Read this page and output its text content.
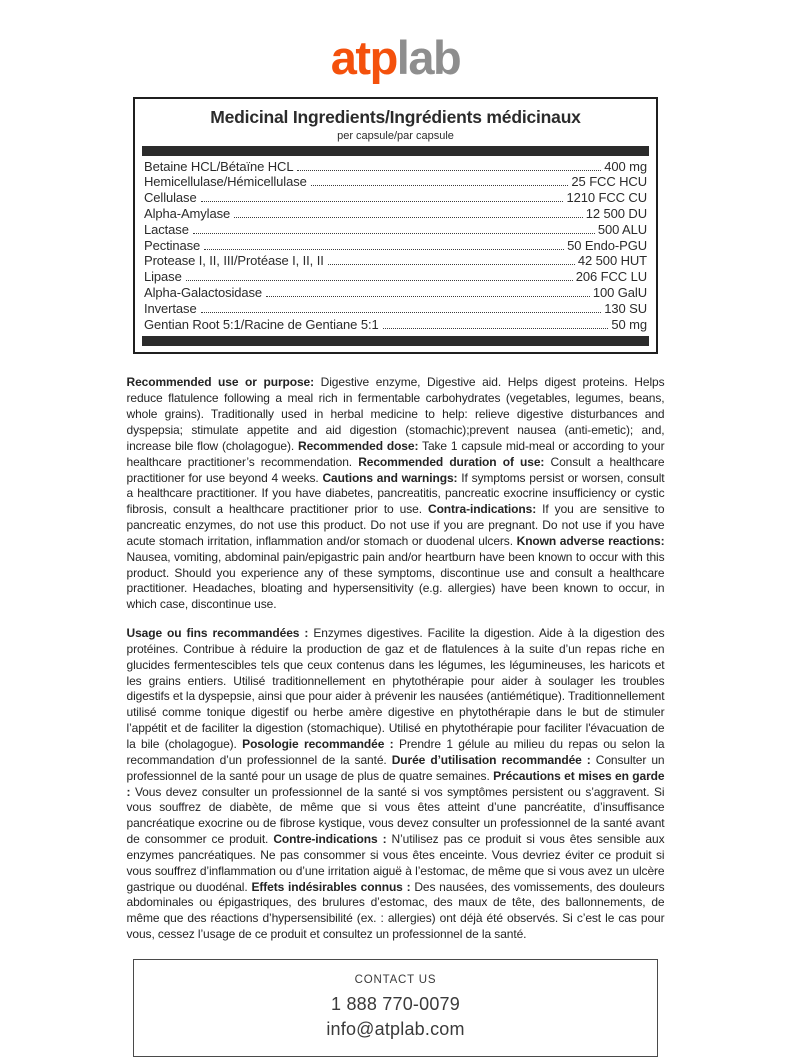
atplab
Medicinal Ingredients/Ingrédients médicinaux
per capsule/par capsule
Betaine HCL/Bétaïne HCL	400 mg
Hemicellulase/Hémicellulase	25 FCC HCU
Cellulase	1210 FCC CU
Alpha-Amylase	12 500 DU
Lactase	500 ALU
Pectinase	50 Endo-PGU
Protease I, II, III/Protéase I, II, II	42 500 HUT
Lipase	206 FCC LU
Alpha-Galactosidase	100 GalU
Invertase	130 SU
Gentian Root 5:1/Racine de Gentiane 5:1	50 mg
Recommended use or purpose: Digestive enzyme, Digestive aid. Helps digest proteins. Helps reduce flatulence following a meal rich in fermentable carbohydrates (vegetables, legumes, beans, whole grains). Traditionally used in herbal medicine to help: relieve digestive disturbances and dyspepsia; stimulate appetite and aid digestion (stomachic);prevent nausea (anti-emetic); and, increase bile flow (cholagogue). Recommended dose: Take 1 capsule mid-meal or according to your healthcare practitioner’s recommendation. Recommended duration of use: Consult a healthcare practitioner for use beyond 4 weeks. Cautions and warnings: If symptoms persist or worsen, consult a healthcare practitioner. If you have diabetes, pancreatitis, pancreatic exocrine insufficiency or cystic fibrosis, consult a healthcare practitioner prior to use. Contra-indications: If you are sensitive to pancreatic enzymes, do not use this product. Do not use if you are pregnant. Do not use if you have acute stomach irritation, inflammation and/or stomach or duodenal ulcers. Known adverse reactions: Nausea, vomiting, abdominal pain/epigastric pain and/or heartburn have been known to occur with this product. Should you experience any of these symptoms, discontinue use and consult a healthcare practitioner. Headaches, bloating and hypersensitivity (e.g. allergies) have been known to occur, in which case, discontinue use.
Usage ou fins recommandées : Enzymes digestives. Facilite la digestion. Aide à la digestion des protéines. Contribue à réduire la production de gaz et de flatulences à la suite d’un repas riche en glucides fermentescibles tels que ceux contenus dans les légumes, les légumineuses, les haricots et les grains entiers. Utilisé traditionnellement en phytothérapie pour aider à soulager les troubles digestifs et la dyspepsie, ainsi que pour aider à prévenir les nausées (antiémétique). Traditionnellement utilisé comme tonique digestif ou herbe amère digestive en phytothérapie dans le but de stimuler l’appétit et de faciliter la digestion (stomachique). Utilisé en phytothérapie pour faciliter l'évacuation de la bile (cholagogue). Posologie recommandée : Prendre 1 gélule au milieu du repas ou selon la recommandation d’un professionnel de la santé. Durée d’utilisation recommandée : Consulter un professionnel de la santé pour un usage de plus de quatre semaines. Précautions et mises en garde : Vous devez consulter un professionnel de la santé si vos symptômes persistent ou s’aggravent. Si vous souffrez de diabète, de même que si vous êtes atteint d’une pancréatite, d’insuffisance pancréatique exocrine ou de fibrose kystique, vous devez consulter un professionnel de la santé avant de consommer ce produit. Contre-indications : N’utilisez pas ce produit si vous êtes sensible aux enzymes pancréatiques. Ne pas consommer si vous êtes enceinte. Vous devriez éviter ce produit si vous souffrez d’inflammation ou d’une irritation aiguë à l’estomac, de même que si vous avez un ulcère gastrique ou duodénal. Effets indésirables connus : Des nausées, des vomissements, des douleurs abdominales ou épigastriques, des brulures d’estomac, des maux de tête, des ballonnements, de même que des réactions d’hypersensibilité (ex. : allergies) ont déjà été observés. Si c’est le cas pour vous, cessez l’usage de ce produit et consultez un professionnel de la santé.
CONTACT US
1 888 770-0079
info@atplab.com
